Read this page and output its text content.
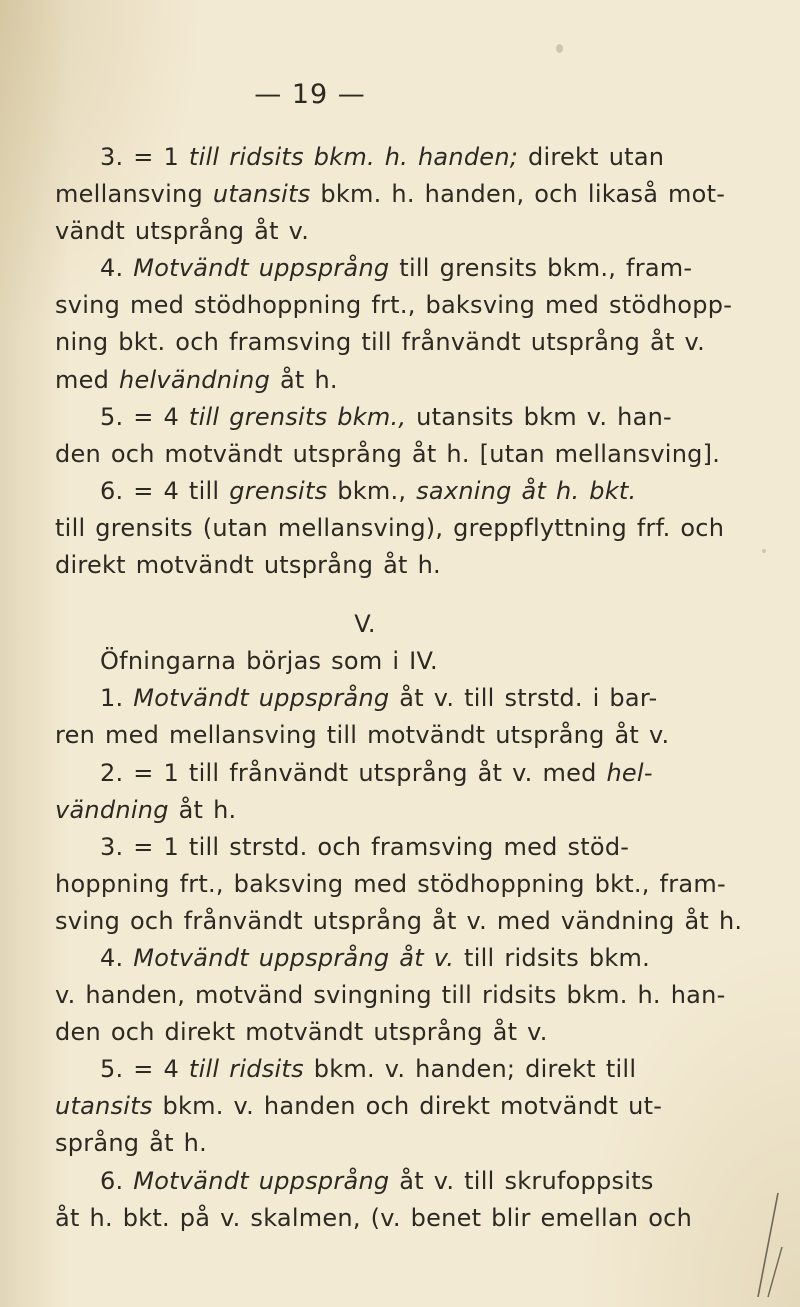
— 19 —
3. = 1 till ridsits bkm. h. handen; direkt utan
mellansving utansits bkm. h. handen, och likaså mot-
vändt utsprång åt v.
4. Motvändt uppsprång till grensits bkm., fram-
sving med stödhoppning frt., baksving med stödhopp-
ning bkt. och framsving till frånvändt utsprång åt v.
med helvändning åt h.
5. = 4 till grensits bkm., utansits bkm v. han-
den och motvändt utsprång åt h. [utan mellansving].
6. = 4 till grensits bkm., saxning åt h. bkt.
till grensits (utan mellansving), greppflyttning frf. och
direkt motvändt utsprång åt h.
V.
Öfningarna börjas som i IV.
1. Motvändt uppsprång åt v. till strstd. i bar-
ren med mellansving till motvändt utsprång åt v.
2. = 1 till frånvändt utsprång åt v. med hel-
vändning åt h.
3. = 1 till strstd. och framsving med stöd-
hoppning frt., baksving med stödhoppning bkt., fram-
sving och frånvändt utsprång åt v. med vändning åt h.
4. Motvändt uppsprång åt v. till ridsits bkm.
v. handen, motvänd svingning till ridsits bkm. h. han-
den och direkt motvändt utsprång åt v.
5. = 4 till ridsits bkm. v. handen; direkt till
utansits bkm. v. handen och direkt motvändt ut-
språng åt h.
6. Motvändt uppsprång åt v. till skrufoppsits
åt h. bkt. på v. skalmen, (v. benet blir emellan och
